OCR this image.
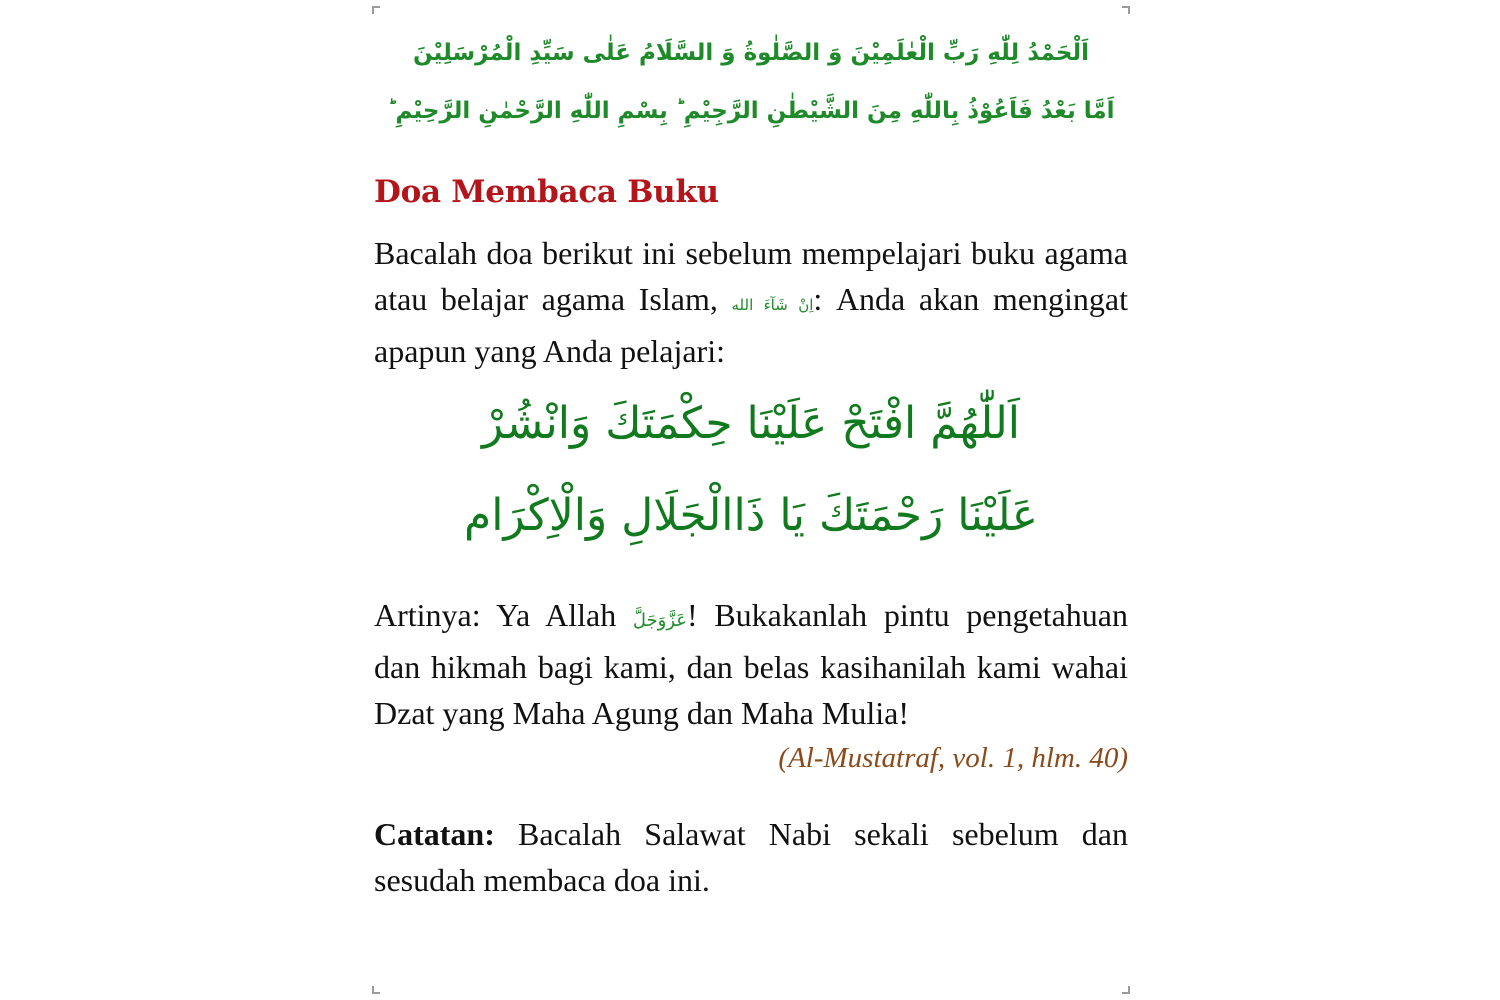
اَلْحَمْدُ لِلّٰهِ رَبِّ الْعٰلَمِيْنَ وَ الصَّلٰوةُ وَ السَّلَامُ عَلٰى سَيِّدِ الْمُرْسَلِيْنَ
اَمَّا بَعْدُ فَاَعُوْذُ بِاللّٰهِ مِنَ الشَّيْطٰنِ الرَّجِيْمِ ؕ بِسْمِ اللّٰهِ الرَّحْمٰنِ الرَّحِيْمِ ؕ
Doa Membaca Buku
Bacalah doa berikut ini sebelum mempelajari buku agama atau belajar agama Islam, اِنْ شَآءَ الله: Anda akan mengingat apapun yang Anda pelajari:
اَللّٰهُمَّ افْتَحْ عَلَيْنَا حِكْمَتَكَ وَانْشُرْ
عَلَيْنَا رَحْمَتَكَ يَا ذَاالْجَلَالِ وَالْاِكْرَام
Artinya: Ya Allah عَزَّوَجَلَّ! Bukakanlah pintu pengetahuan dan hikmah bagi kami, dan belas kasihanilah kami wahai Dzat yang Maha Agung dan Maha Mulia!
(Al-Mustatraf, vol. 1, hlm. 40)
Catatan: Bacalah Salawat Nabi sekali sebelum dan sesudah membaca doa ini.
